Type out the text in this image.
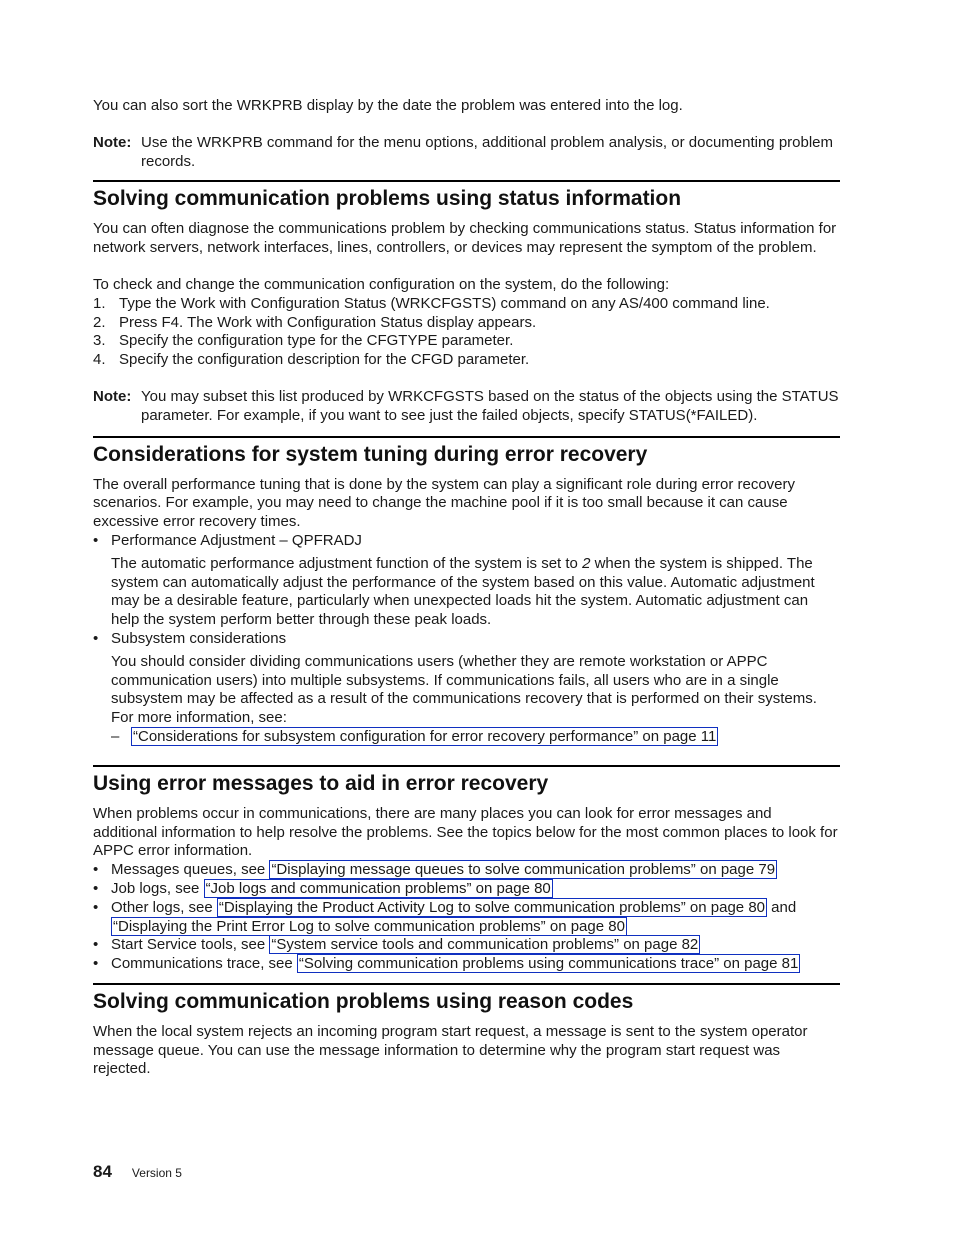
You can also sort the WRKPRB display by the date the problem was entered into the log.

Note: Use the WRKPRB command for the menu options, additional problem analysis, or documenting problem records.
Solving communication problems using status information

You can often diagnose the communications problem by checking communications status. Status information for network servers, network interfaces, lines, controllers, or devices may represent the symptom of the problem.

To check and change the communication configuration on the system, do the following:

1. Type the Work with Configuration Status (WRKCFGSTS) command on any AS/400 command line.
2. Press F4. The Work with Configuration Status display appears.
3. Specify the configuration type for the CFGTYPE parameter.
4. Specify the configuration description for the CFGD parameter.
Note: You may subset this list produced by WRKCFGSTS based on the status of the objects using the STATUS parameter. For example, if you want to see just the failed objects, specify STATUS(*FAILED).
Considerations for system tuning during error recovery

The overall performance tuning that is done by the system can play a significant role during error recovery scenarios. For example, you may need to change the machine pool if it is too small because it can cause excessive error recovery times.

• Performance Adjustment – QPFRADJ

The automatic performance adjustment function of the system is set to 2 when the system is shipped. The system can automatically adjust the performance of the system based on this value. Automatic adjustment may be a desirable feature, particularly when unexpected loads hit the system. Automatic adjustment can help the system perform better through these peak loads.

• Subsystem considerations

You should consider dividing communications users (whether they are remote workstation or APPC communication users) into multiple subsystems. If communications fails, all users who are in a single subsystem may be affected as a result of the communications recovery that is performed on their systems. For more information, see:

– “Considerations for subsystem configuration for error recovery performance” on page 11
Using error messages to aid in error recovery

When problems occur in communications, there are many places you can look for error messages and additional information to help resolve the problems. See the topics below for the most common places to look for APPC error information.

• Messages queues, see “Displaying message queues to solve communication problems” on page 79
• Job logs, see “Job logs and communication problems” on page 80
• Other logs, see “Displaying the Product Activity Log to solve communication problems” on page 80 and “Displaying the Print Error Log to solve communication problems” on page 80
• Start Service tools, see “System service tools and communication problems” on page 82
• Communications trace, see “Solving communication problems using communications trace” on page 81
Solving communication problems using reason codes

When the local system rejects an incoming program start request, a message is sent to the system operator message queue. You can use the message information to determine why the program start request was rejected.

84 Version 5
